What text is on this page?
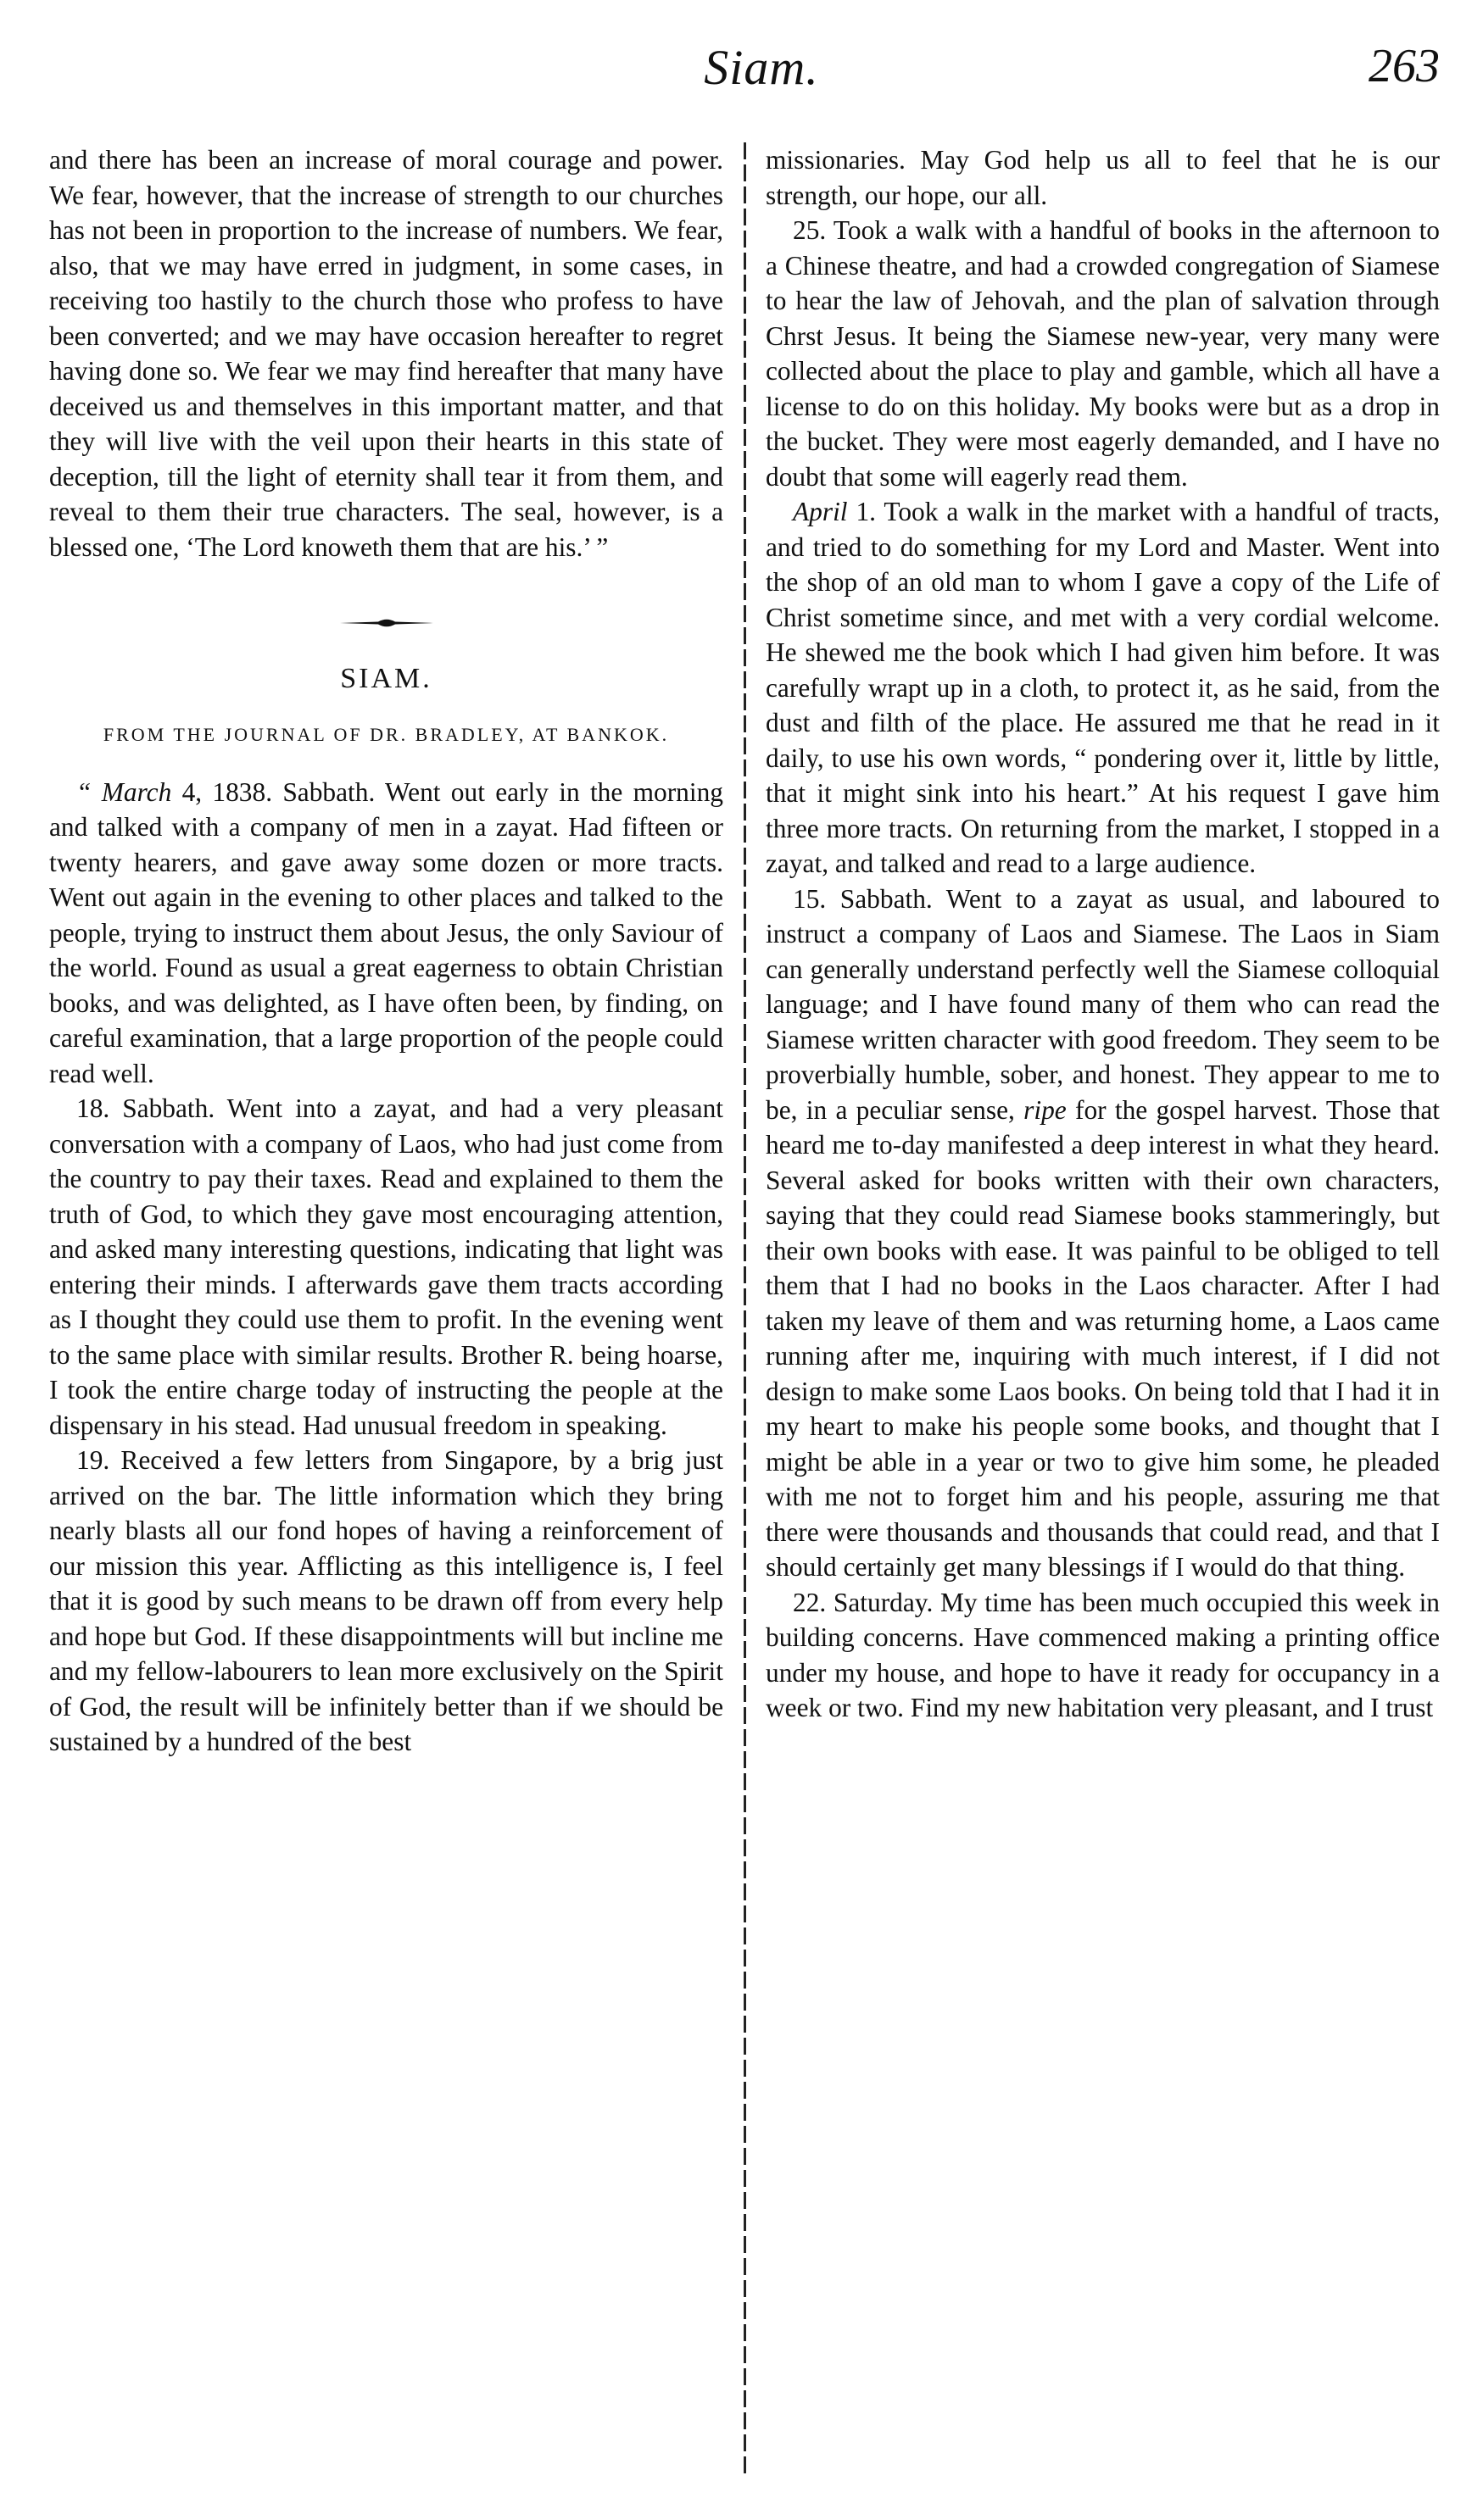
Siam.	263

and there has been an increase of moral courage and power. We fear, however, that the increase of strength to our churches has not been in proportion to the increase of numbers. We fear, also, that we may have erred in judgment, in some cases, in receiving too hastily to the church those who profess to have been converted; and we may have occasion hereafter to regret having done so. We fear we may find hereafter that many have deceived us and themselves in this important matter, and that they will live with the veil upon their hearts in this state of deception, till the light of eternity shall tear it from them, and reveal to them their true characters. The seal, however, is a blessed one, ‘The Lord knoweth them that are his.’ ”

SIAM.
FROM THE JOURNAL OF DR. BRADLEY, AT BANKOK.

“ March 4, 1838. Sabbath. Went out early in the morning and talked with a company of men in a zayat. Had fifteen or twenty hearers, and gave away some dozen or more tracts. Went out again in the evening to other places and talked to the people, trying to instruct them about Jesus, the only Saviour of the world. Found as usual a great eagerness to obtain Christian books, and was delighted, as I have often been, by finding, on careful examination, that a large proportion of the people could read well.

18. Sabbath. Went into a zayat, and had a very pleasant conversation with a company of Laos, who had just come from the country to pay their taxes. Read and explained to them the truth of God, to which they gave most encouraging attention, and asked many interesting questions, indicating that light was entering their minds. I afterwards gave them tracts according as I thought they could use them to profit. In the evening went to the same place with similar results. Brother R. being hoarse, I took the entire charge today of instructing the people at the dispensary in his stead. Had unusual freedom in speaking.

19. Received a few letters from Singapore, by a brig just arrived on the bar. The little information which they bring nearly blasts all our fond hopes of having a reinforcement of our mission this year. Afflicting as this intelligence is, I feel that it is good by such means to be drawn off from every help and hope but God. If these disappointments will but incline me and my fellow-labourers to lean more exclusively on the Spirit of God, the result will be infinitely better than if we should be sustained by a hundred of the best

missionaries. May God help us all to feel that he is our strength, our hope, our all.

25. Took a walk with a handful of books in the afternoon to a Chinese theatre, and had a crowded congregation of Siamese to hear the law of Jehovah, and the plan of salvation through Chrst Jesus. It being the Siamese new-year, very many were collected about the place to play and gamble, which all have a license to do on this holiday. My books were but as a drop in the bucket. They were most eagerly demanded, and I have no doubt that some will eagerly read them.

April 1. Took a walk in the market with a handful of tracts, and tried to do something for my Lord and Master. Went into the shop of an old man to whom I gave a copy of the Life of Christ sometime since, and met with a very cordial welcome. He shewed me the book which I had given him before. It was carefully wrapt up in a cloth, to protect it, as he said, from the dust and filth of the place. He assured me that he read in it daily, to use his own words, “ pondering over it, little by little, that it might sink into his heart.” At his request I gave him three more tracts. On returning from the market, I stopped in a zayat, and talked and read to a large audience.

15. Sabbath. Went to a zayat as usual, and laboured to instruct a company of Laos and Siamese. The Laos in Siam can generally understand perfectly well the Siamese colloquial language; and I have found many of them who can read the Siamese written character with good freedom. They seem to be proverbially humble, sober, and honest. They appear to me to be, in a peculiar sense, ripe for the gospel harvest. Those that heard me to-day manifested a deep interest in what they heard. Several asked for books written with their own characters, saying that they could read Siamese books stammeringly, but their own books with ease. It was painful to be obliged to tell them that I had no books in the Laos character. After I had taken my leave of them and was returning home, a Laos came running after me, inquiring with much interest, if I did not design to make some Laos books. On being told that I had it in my heart to make his people some books, and thought that I might be able in a year or two to give him some, he pleaded with me not to forget him and his people, assuring me that there were thousands and thousands that could read, and that I should certainly get many blessings if I would do that thing.

22. Saturday. My time has been much occupied this week in building concerns. Have commenced making a printing office under my house, and hope to have it ready for occupancy in a week or two. Find my new habitation very pleasant, and I trust
